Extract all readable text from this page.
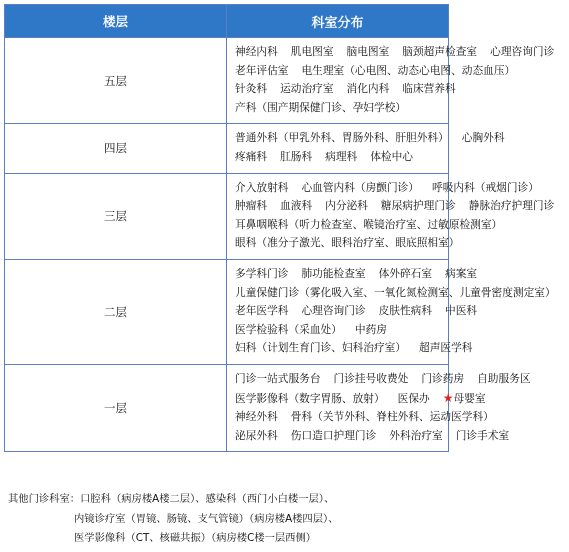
楼层	科室分布
五层	神经内科 肌电图室 脑电图室 脑颈超声检查室 心理咨询门诊
老年评估室 电生理室（心电图、动态心电图、动态血压）
针灸科 运动治疗室 消化内科 临床营养科
产科（围产期保健门诊、孕妇学校）

四层	普通外科（甲乳外科、胃肠外科、肝胆外科） 心胸外科
疼痛科 肛肠科 病理科 体检中心

三层	介入放射科 心血管内科（房颤门诊） 呼吸内科（戒烟门诊）
肿瘤科 血液科 内分泌科 糖尿病护理门诊 静脉治疗护理门诊
耳鼻咽喉科（听力检查室、喉镜治疗室、过敏原检测室）
眼科（准分子激光、眼科治疗室、眼底照相室）

二层	多学科门诊 肺功能检查室 体外碎石室 病案室
儿童保健门诊（雾化吸入室、一氧化氮检测室、儿童骨密度测定室）
老年医学科 心理咨询门诊 皮肤性病科 中医科
医学检验科（采血处） 中药房
妇科（计划生育门诊、妇科治疗室） 超声医学科

一层	门诊一站式服务台 门诊挂号收费处 门诊药房 自助服务区
医学影像科（数字胃肠、放射） 医保办 ★母婴室
神经外科 骨科（关节外科、脊柱外科、运动医学科）
泌尿外科 伤口造口护理门诊 外科治疗室 门诊手术室
其他门诊科室：口腔科（病房楼A楼二层）、感染科（西门小白楼一层）、
内镜诊疗室（胃镜、肠镜、支气管镜）（病房楼A楼四层）、
医学影像科（CT、核磁共振）（病房楼C楼一层西侧）
